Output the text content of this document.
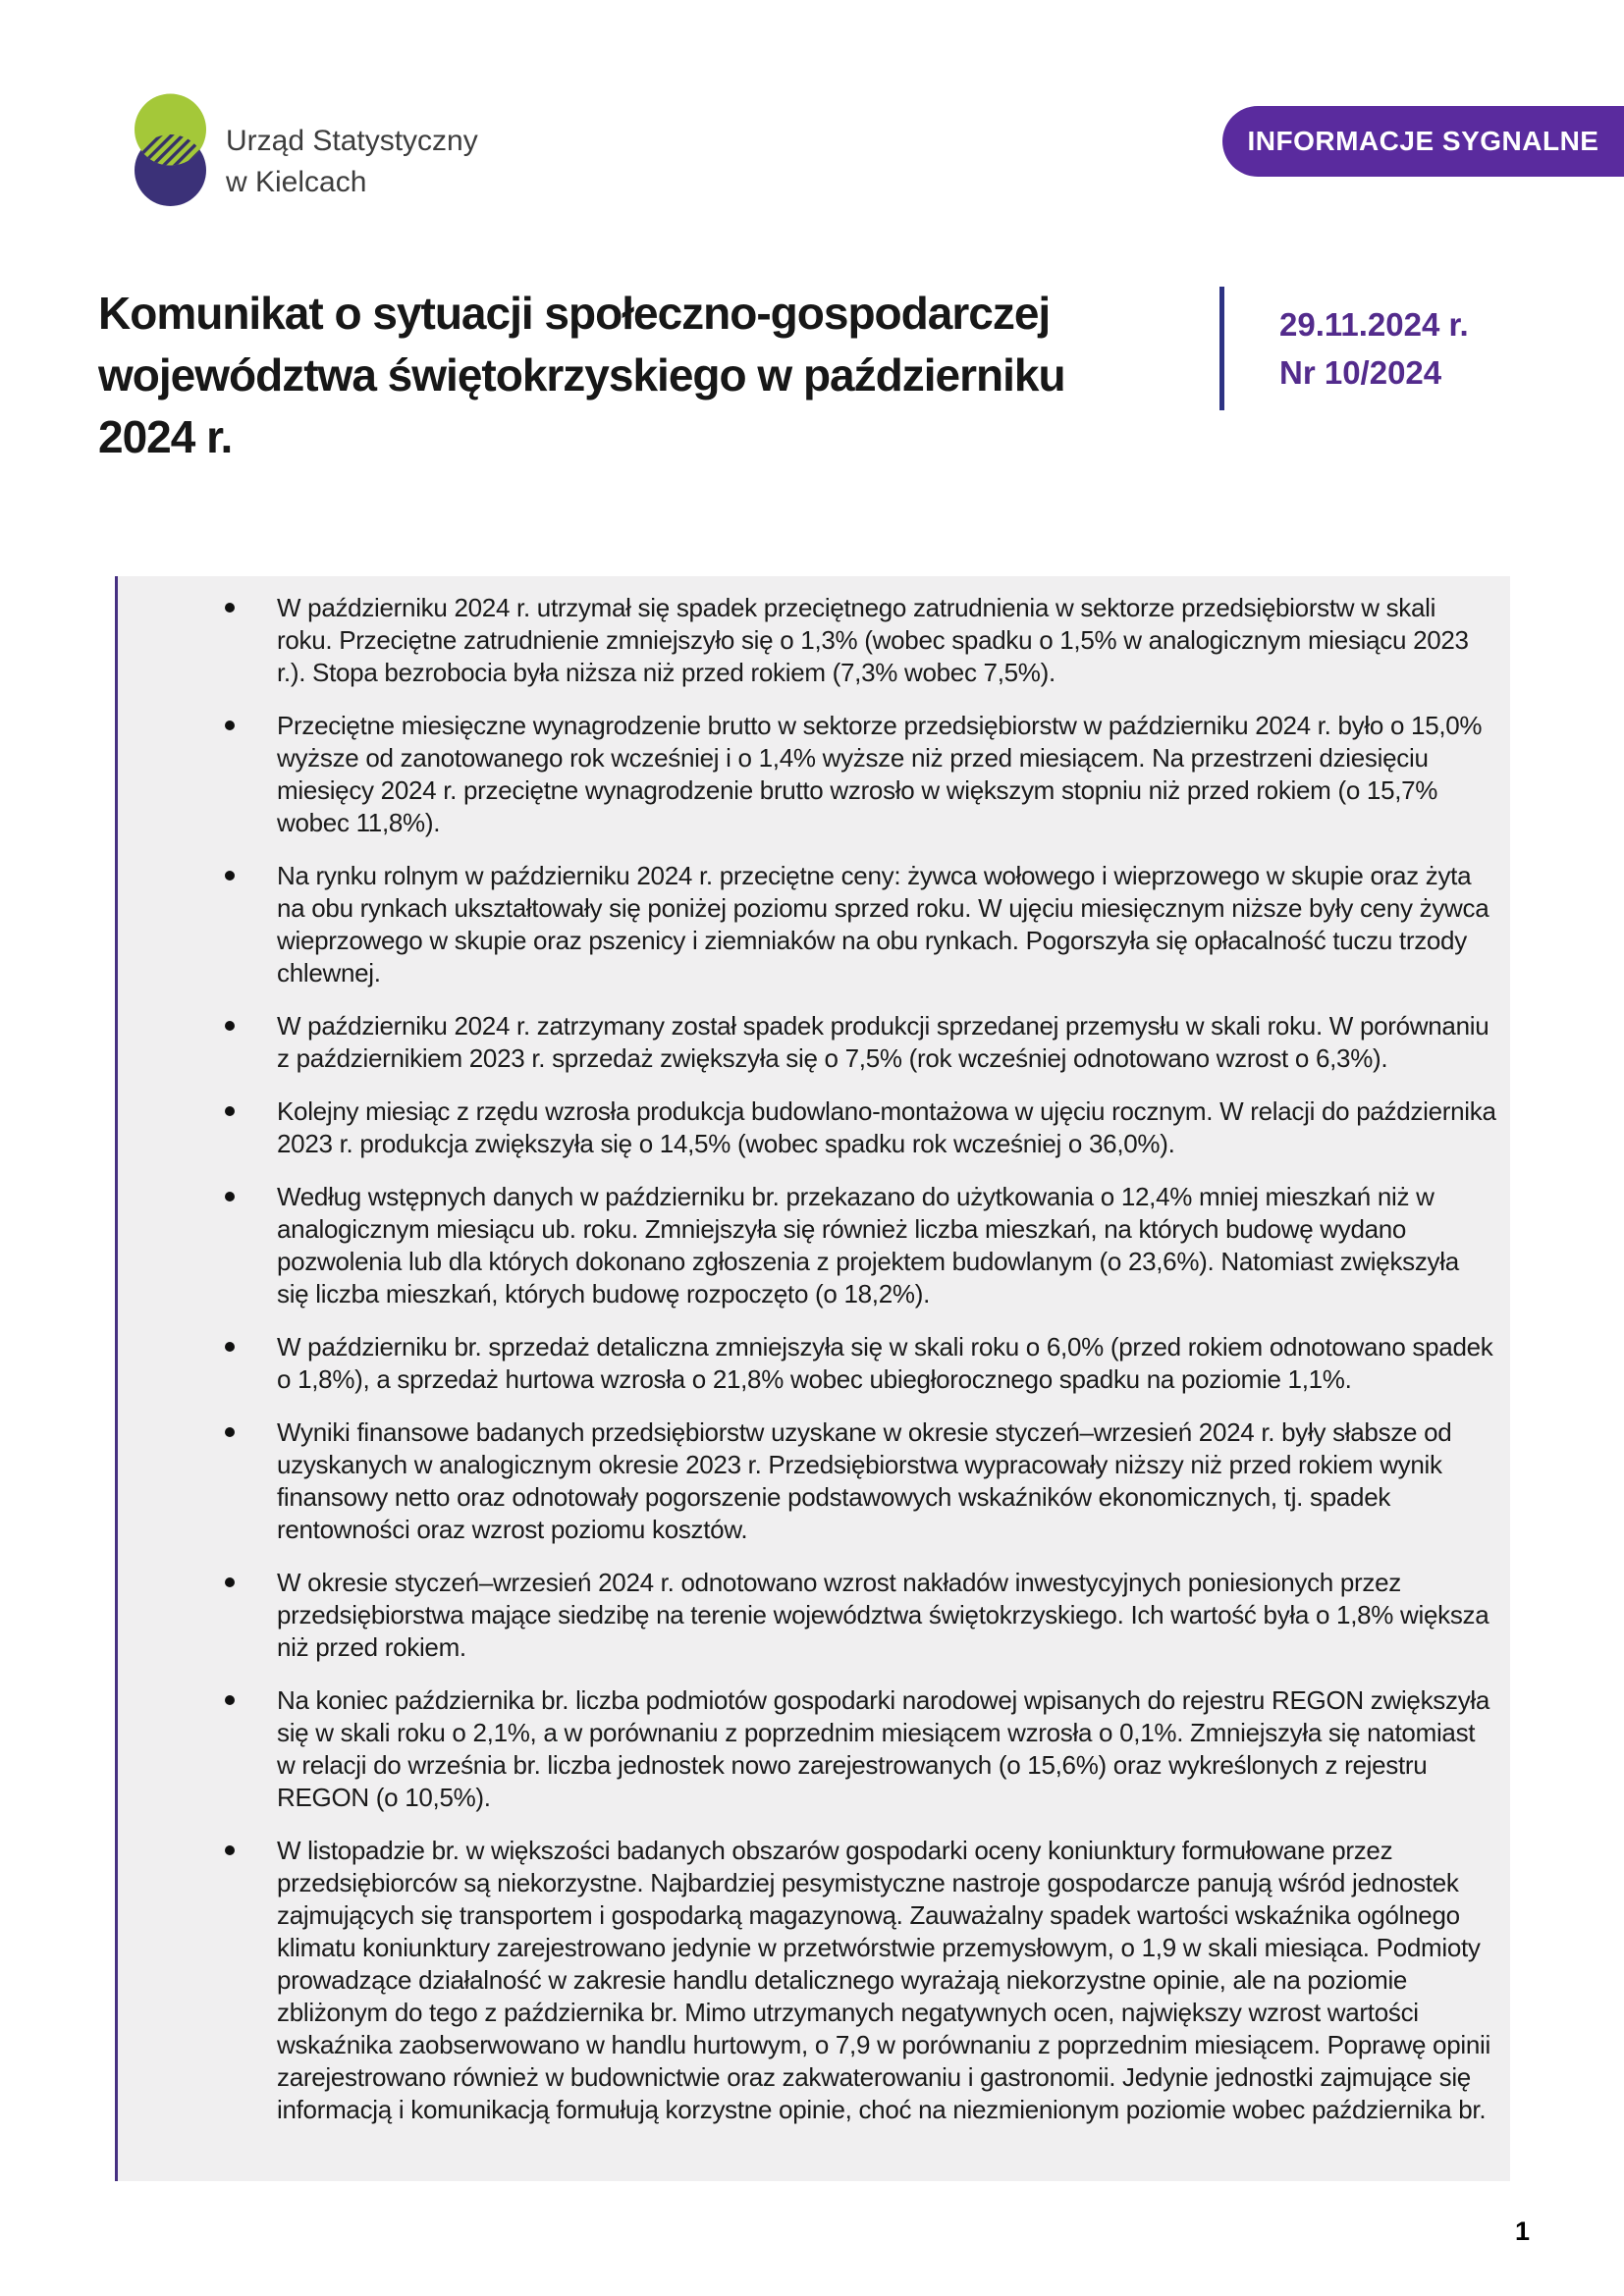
Urząd Statystyczny
w Kielcach
INFORMACJE SYGNALNE
Komunikat o sytuacji społeczno-gospodarczej województwa świętokrzyskiego w październiku 2024 r.
29.11.2024 r.
Nr 10/2024
W październiku 2024 r. utrzymał się spadek przeciętnego zatrudnienia w sektorze przedsiębiorstw w skali roku. Przeciętne zatrudnienie zmniejszyło się o 1,3% (wobec spadku o 1,5% w analogicznym miesiącu 2023 r.). Stopa bezrobocia była niższa niż przed rokiem (7,3% wobec 7,5%).
Przeciętne miesięczne wynagrodzenie brutto w sektorze przedsiębiorstw w październiku 2024 r. było o 15,0% wyższe od zanotowanego rok wcześniej i o 1,4% wyższe niż przed miesiącem. Na przestrzeni dziesięciu miesięcy 2024 r. przeciętne wynagrodzenie brutto wzrosło w większym stopniu niż przed rokiem (o 15,7% wobec 11,8%).
Na rynku rolnym w październiku 2024 r. przeciętne ceny: żywca wołowego i wieprzowego w skupie oraz żyta na obu rynkach ukształtowały się poniżej poziomu sprzed roku. W ujęciu miesięcznym niższe były ceny żywca wieprzowego w skupie oraz pszenicy i ziemniaków na obu rynkach. Pogorszyła się opłacalność tuczu trzody chlewnej.
W październiku 2024 r. zatrzymany został spadek produkcji sprzedanej przemysłu w skali roku. W porównaniu z październikiem 2023 r. sprzedaż zwiększyła się o 7,5% (rok wcześniej odnotowano wzrost o 6,3%).
Kolejny miesiąc z rzędu wzrosła produkcja budowlano-montażowa w ujęciu rocznym. W relacji do października 2023 r. produkcja zwiększyła się o 14,5% (wobec spadku rok wcześniej o 36,0%).
Według wstępnych danych w październiku br. przekazano do użytkowania o 12,4% mniej mieszkań niż w analogicznym miesiącu ub. roku. Zmniejszyła się również liczba mieszkań, na których budowę wydano pozwolenia lub dla których dokonano zgłoszenia z projektem budowlanym (o 23,6%). Natomiast zwiększyła się liczba mieszkań, których budowę rozpoczęto (o 18,2%).
W październiku br. sprzedaż detaliczna zmniejszyła się w skali roku o 6,0% (przed rokiem odnotowano spadek o 1,8%), a sprzedaż hurtowa wzrosła o 21,8% wobec ubiegłorocznego spadku na poziomie 1,1%.
Wyniki finansowe badanych przedsiębiorstw uzyskane w okresie styczeń–wrzesień 2024 r. były słabsze od uzyskanych w analogicznym okresie 2023 r. Przedsiębiorstwa wypracowały niższy niż przed rokiem wynik finansowy netto oraz odnotowały pogorszenie podstawowych wskaźników ekonomicznych, tj. spadek rentowności oraz wzrost poziomu kosztów.
W okresie styczeń–wrzesień 2024 r. odnotowano wzrost nakładów inwestycyjnych poniesionych przez przedsiębiorstwa mające siedzibę na terenie województwa świętokrzyskiego. Ich wartość była o 1,8% większa niż przed rokiem.
Na koniec października br. liczba podmiotów gospodarki narodowej wpisanych do rejestru REGON zwiększyła się w skali roku o 2,1%, a w porównaniu z poprzednim miesiącem wzrosła o 0,1%. Zmniejszyła się natomiast w relacji do września br. liczba jednostek nowo zarejestrowanych (o 15,6%) oraz wykreślonych z rejestru REGON (o 10,5%).
W listopadzie br. w większości badanych obszarów gospodarki oceny koniunktury formułowane przez przedsiębiorców są niekorzystne. Najbardziej pesymistyczne nastroje gospodarcze panują wśród jednostek zajmujących się transportem i gospodarką magazynową. Zauważalny spadek wartości wskaźnika ogólnego klimatu koniunktury zarejestrowano jedynie w przetwórstwie przemysłowym, o 1,9 w skali miesiąca. Podmioty prowadzące działalność w zakresie handlu detalicznego wyrażają niekorzystne opinie, ale na poziomie zbliżonym do tego z października br. Mimo utrzymanych negatywnych ocen, największy wzrost wartości wskaźnika zaobserwowano w handlu hurtowym, o 7,9 w porównaniu z poprzednim miesiącem. Poprawę opinii zarejestrowano również w budownictwie oraz zakwaterowaniu i gastronomii. Jedynie jednostki zajmujące się informacją i komunikacją formułują korzystne opinie, choć na niezmienionym poziomie wobec października br.
1
